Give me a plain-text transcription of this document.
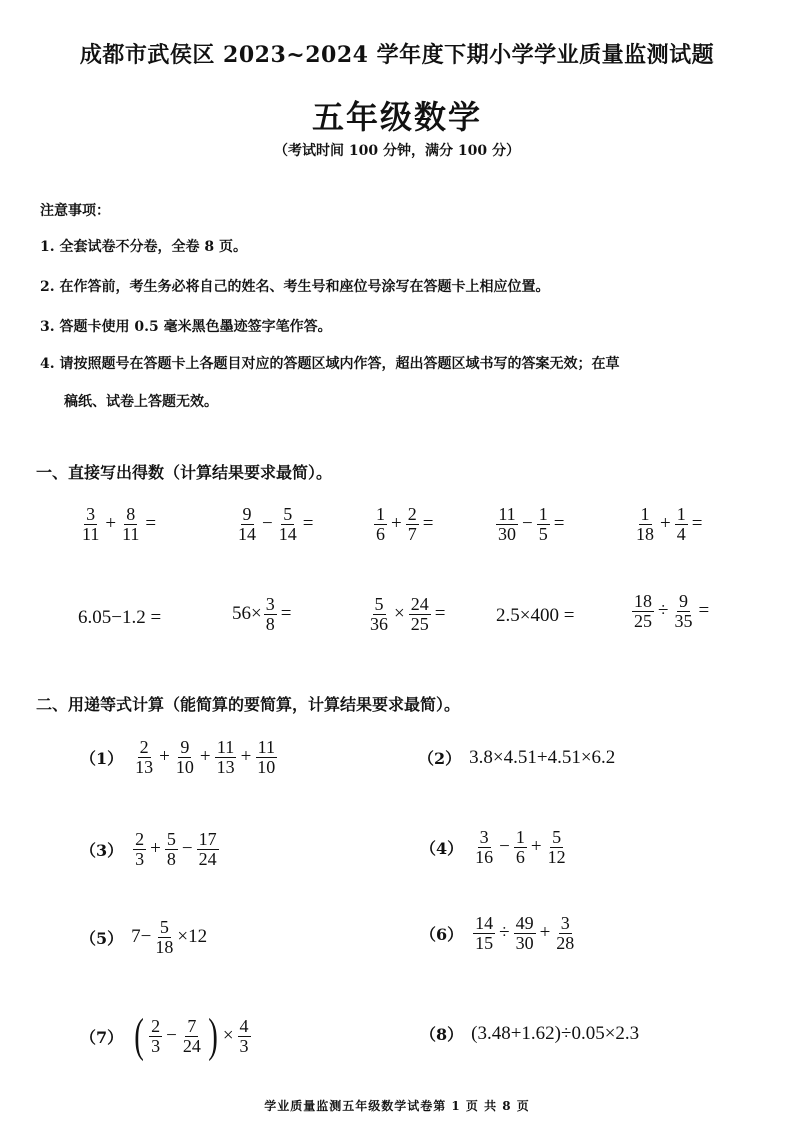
成都市武侯区 2023~2024 学年度下期小学学业质量监测试题
五年级数学
（考试时间 100 分钟，满分 100 分）
注意事项：
1. 全套试卷不分卷，全卷 8 页。
2. 在作答前，考生务必将自己的姓名、考生号和座位号涂写在答题卡上相应位置。
3. 答题卡使用 0.5 毫米黑色墨迹签字笔作答。
4. 请按照题号在答题卡上各题目对应的答题区域内作答，超出答题区域书写的答案无效；在草
稿纸、试卷上答题无效。
一、直接写出得数（计算结果要求最简）。
$\frac{3}{11} + \frac{8}{11}$ =	$\frac{9}{14} - \frac{5}{14}$ =	$\frac{1}{6} + \frac{2}{7}$ =	$\frac{11}{30} - \frac{1}{5}$ =	$\frac{1}{18} + \frac{1}{4}$ =
6.05−1.2 =	$56\times \frac{3}{8}$ =	$\frac{5}{36} \times \frac{24}{25}$ =	2.5×400 =	$\frac{18}{25} \div \frac{9}{35}$ =
二、用递等式计算（能简算的要简算，计算结果要求最简）。
$(1) \frac{2}{13} + \frac{9}{10} + \frac{11}{13} + \frac{11}{10}$	（2） 3.8×4.51+4.51×6.2
$(3) \frac{2}{3} + \frac{5}{8} - \frac{17}{24}$	$(4) \frac{3}{16} - \frac{1}{6} + \frac{5}{12}$
（5） $7- \frac{5}{18} \times 12$	$(6) \frac{14}{15} \div \frac{49}{30} + \frac{3}{28}$
（7） ( $\frac{2}{3} - \frac{7}{24}$ ) × $\frac{4}{3}$	（8） (3.48+1.62)÷0.05×2.3
学业质量监测五年级数学试卷第 1 页 共 8 页
